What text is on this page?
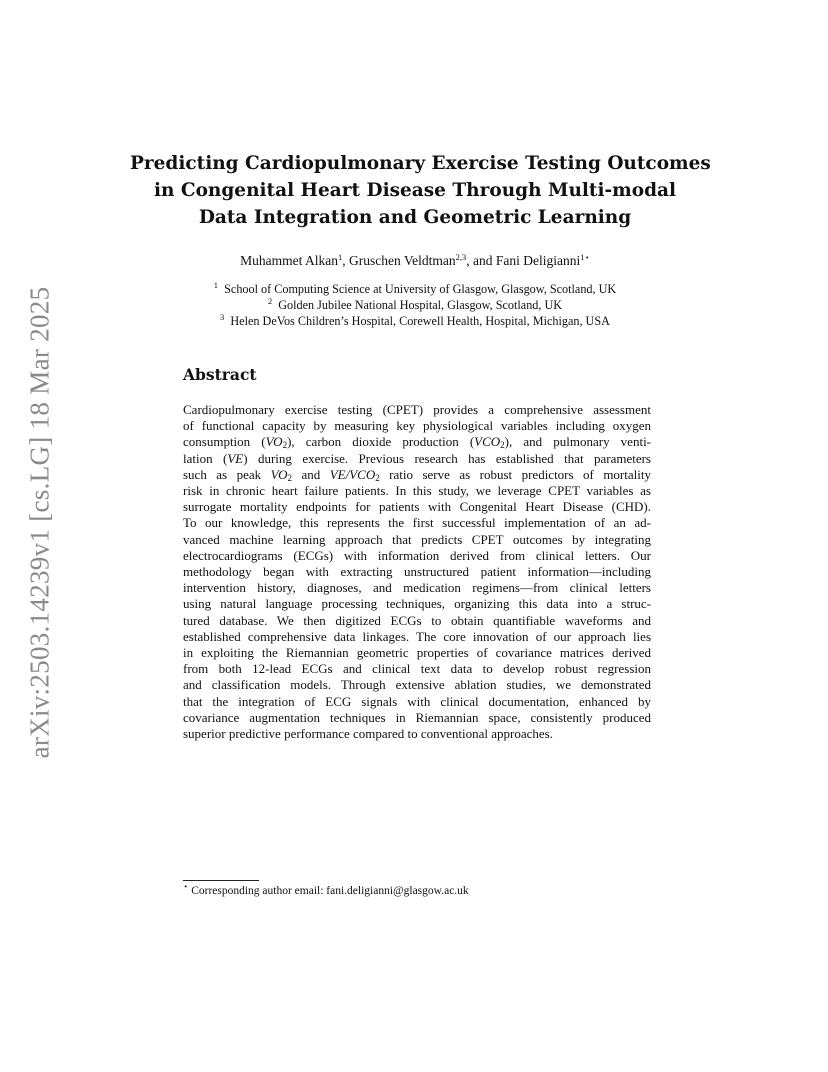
arXiv:2503.14239v1 [cs.LG] 18 Mar 2025
Predicting Cardiopulmonary Exercise Testing Outcomes
in Congenital Heart Disease Through Multi-modal
Data Integration and Geometric Learning
Muhammet Alkan$^1$, Gruschen Veldtman$^{2,3}$, and Fani Deligianni$^{1⋆}$
$^1$ School of Computing Science at University of Glasgow, Glasgow, Scotland, UK
$^2$ Golden Jubilee National Hospital, Glasgow, Scotland, UK
$^3$ Helen DeVos Children’s Hospital, Corewell Health, Hospital, Michigan, USA
Abstract
Cardiopulmonary exercise testing (CPET) provides a comprehensive assessment
of functional capacity by measuring key physiological variables including oxygen
consumption $(VO_2)$, carbon dioxide production $(VCO_2)$, and pulmonary venti-
lation (VE) during exercise. Previous research has established that parameters
such as peak $VO_2$ and $VE/VCO_2$ ratio serve as robust predictors of mortality
risk in chronic heart failure patients. In this study, we leverage CPET variables as
surrogate mortality endpoints for patients with Congenital Heart Disease (CHD).
To our knowledge, this represents the first successful implementation of an ad-
vanced machine learning approach that predicts CPET outcomes by integrating
electrocardiograms (ECGs) with information derived from clinical letters. Our
methodology began with extracting unstructured patient information—including
intervention history, diagnoses, and medication regimens—from clinical letters
using natural language processing techniques, organizing this data into a struc-
tured database. We then digitized ECGs to obtain quantifiable waveforms and
established comprehensive data linkages. The core innovation of our approach lies
in exploiting the Riemannian geometric properties of covariance matrices derived
from both 12-lead ECGs and clinical text data to develop robust regression
and classification models. Through extensive ablation studies, we demonstrated
that the integration of ECG signals with clinical documentation, enhanced by
covariance augmentation techniques in Riemannian space, consistently produced
superior predictive performance compared to conventional approaches.
⋆ Corresponding author email: fani.deligianni@glasgow.ac.uk
